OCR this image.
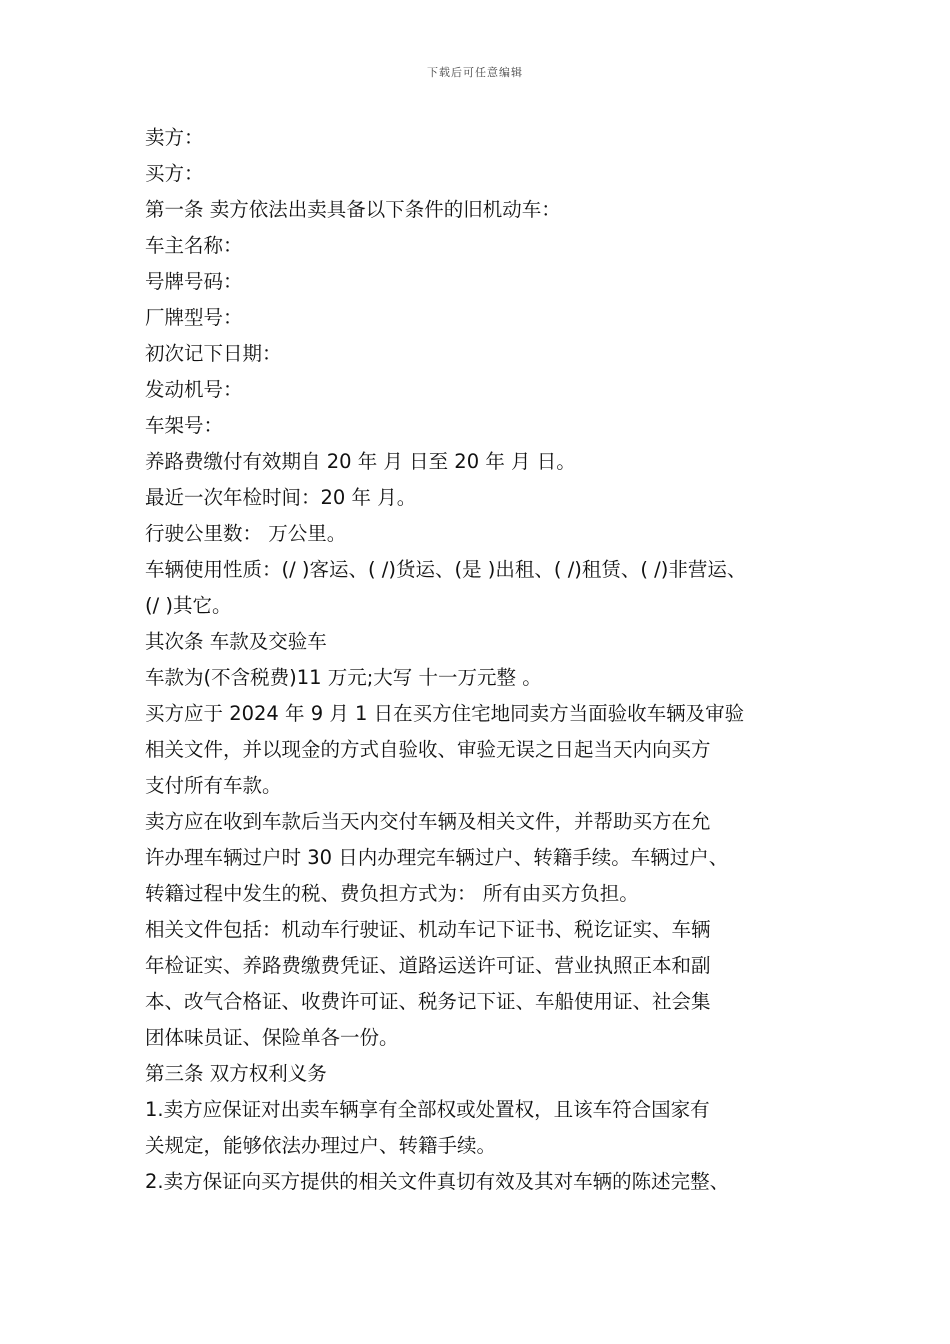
下载后可任意编辑

卖方：

买方：

第一条 卖方依法出卖具备以下条件的旧机动车：

车主名称：

号牌号码：

厂牌型号：

初次记下日期：

发动机号：

车架号：

养路费缴付有效期自 20 年 月 日至 20 年 月 日。

最近一次年检时间：20 年 月。

行驶公里数： 万公里。

车辆使用性质：(/ )客运、( /)货运、(是 )出租、( /)租赁、( /)非营运、

(/ )其它。

其次条 车款及交验车

车款为(不含税费)11 万元;大写 十一万元整 。

买方应于 2024 年 9 月 1 日在买方住宅地同卖方当面验收车辆及审验

相关文件，并以现金的方式自验收、审验无误之日起当天内向买方

支付所有车款。

卖方应在收到车款后当天内交付车辆及相关文件，并帮助买方在允

许办理车辆过户时 30 日内办理完车辆过户、转籍手续。车辆过户、

转籍过程中发生的税、费负担方式为： 所有由买方负担。

相关文件包括：机动车行驶证、机动车记下证书、税讫证实、车辆

年检证实、养路费缴费凭证、道路运送许可证、营业执照正本和副

本、改气合格证、收费许可证、税务记下证、车船使用证、社会集

团体味员证、保险单各一份。

第三条 双方权利义务

1.卖方应保证对出卖车辆享有全部权或处置权，且该车符合国家有

关规定，能够依法办理过户、转籍手续。

2.卖方保证向买方提供的相关文件真切有效及其对车辆的陈述完整、
